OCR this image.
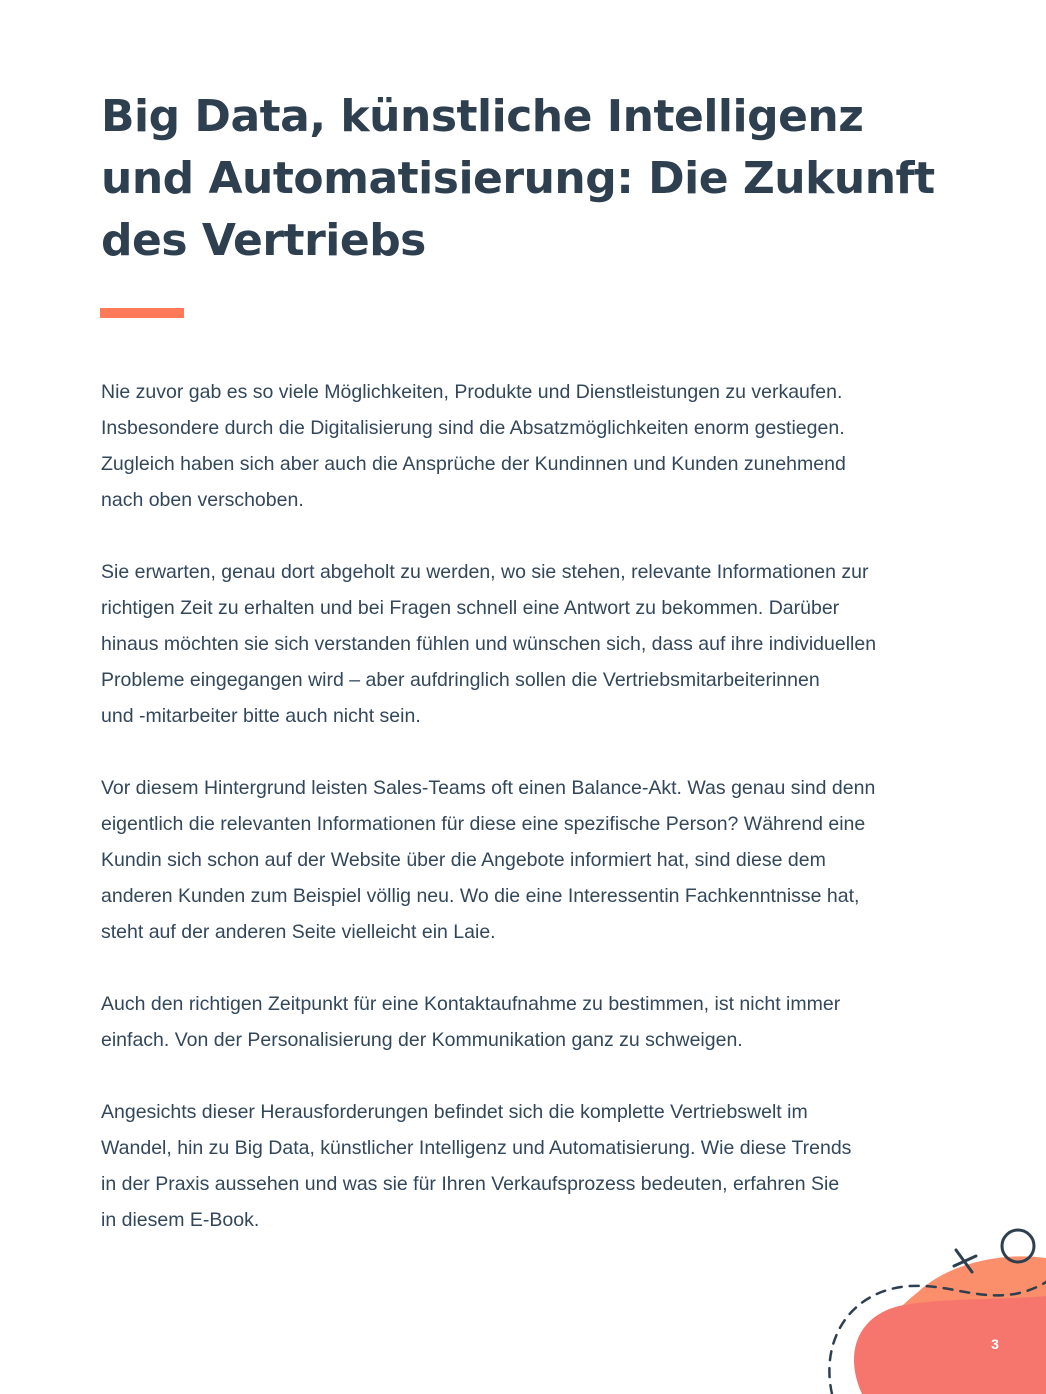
Big Data, künstliche Intelligenz
und Automatisierung: Die Zukunft
des Vertriebs

Nie zuvor gab es so viele Möglichkeiten, Produkte und Dienstleistungen zu verkaufen.
Insbesondere durch die Digitalisierung sind die Absatzmöglichkeiten enorm gestiegen.
Zugleich haben sich aber auch die Ansprüche der Kundinnen und Kunden zunehmend
nach oben verschoben.

Sie erwarten, genau dort abgeholt zu werden, wo sie stehen, relevante Informationen zur
richtigen Zeit zu erhalten und bei Fragen schnell eine Antwort zu bekommen. Darüber
hinaus möchten sie sich verstanden fühlen und wünschen sich, dass auf ihre individuellen
Probleme eingegangen wird – aber aufdringlich sollen die Vertriebsmitarbeiterinnen
und -mitarbeiter bitte auch nicht sein.

Vor diesem Hintergrund leisten Sales-Teams oft einen Balance-Akt. Was genau sind denn
eigentlich die relevanten Informationen für diese eine spezifische Person? Während eine
Kundin sich schon auf der Website über die Angebote informiert hat, sind diese dem
anderen Kunden zum Beispiel völlig neu. Wo die eine Interessentin Fachkenntnisse hat,
steht auf der anderen Seite vielleicht ein Laie.

Auch den richtigen Zeitpunkt für eine Kontaktaufnahme zu bestimmen, ist nicht immer
einfach. Von der Personalisierung der Kommunikation ganz zu schweigen.

Angesichts dieser Herausforderungen befindet sich die komplette Vertriebswelt im
Wandel, hin zu Big Data, künstlicher Intelligenz und Automatisierung. Wie diese Trends
in der Praxis aussehen und was sie für Ihren Verkaufsprozess bedeuten, erfahren Sie
in diesem E-Book.

3
